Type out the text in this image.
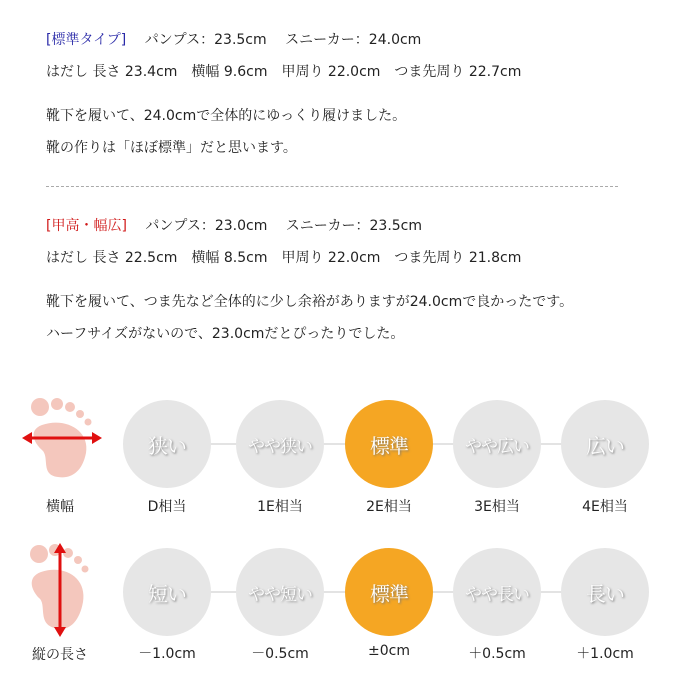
[標準タイプ]　 パンプス：23.5cm　 スニーカー：24.0cm
はだし 長さ 23.4cm　横幅 9.6cm　甲周り 22.0cm　つま先周り 22.7cm
靴下を履いて、24.0cmで全体的にゆっくり履けました。
靴の作りは「ほぼ標準」だと思います。
[甲高・幅広]　 パンプス：23.0cm　 スニーカー：23.5cm
はだし 長さ 22.5cm　横幅 8.5cm　甲周り 22.0cm　つま先周り 21.8cm
靴下を履いて、つま先など全体的に少し余裕がありますが24.0cmで良かったです。
ハーフサイズがないので、23.0cmだとぴったりでした。
横幅
縦の長さ
狭い
D相当
やや狭い
1E相当
標準
2E相当
やや広い
3E相当
広い
4E相当
短い
－1.0cm
やや短い
－0.5cm
標準
±0cm
やや長い
＋0.5cm
長い
＋1.0cm
